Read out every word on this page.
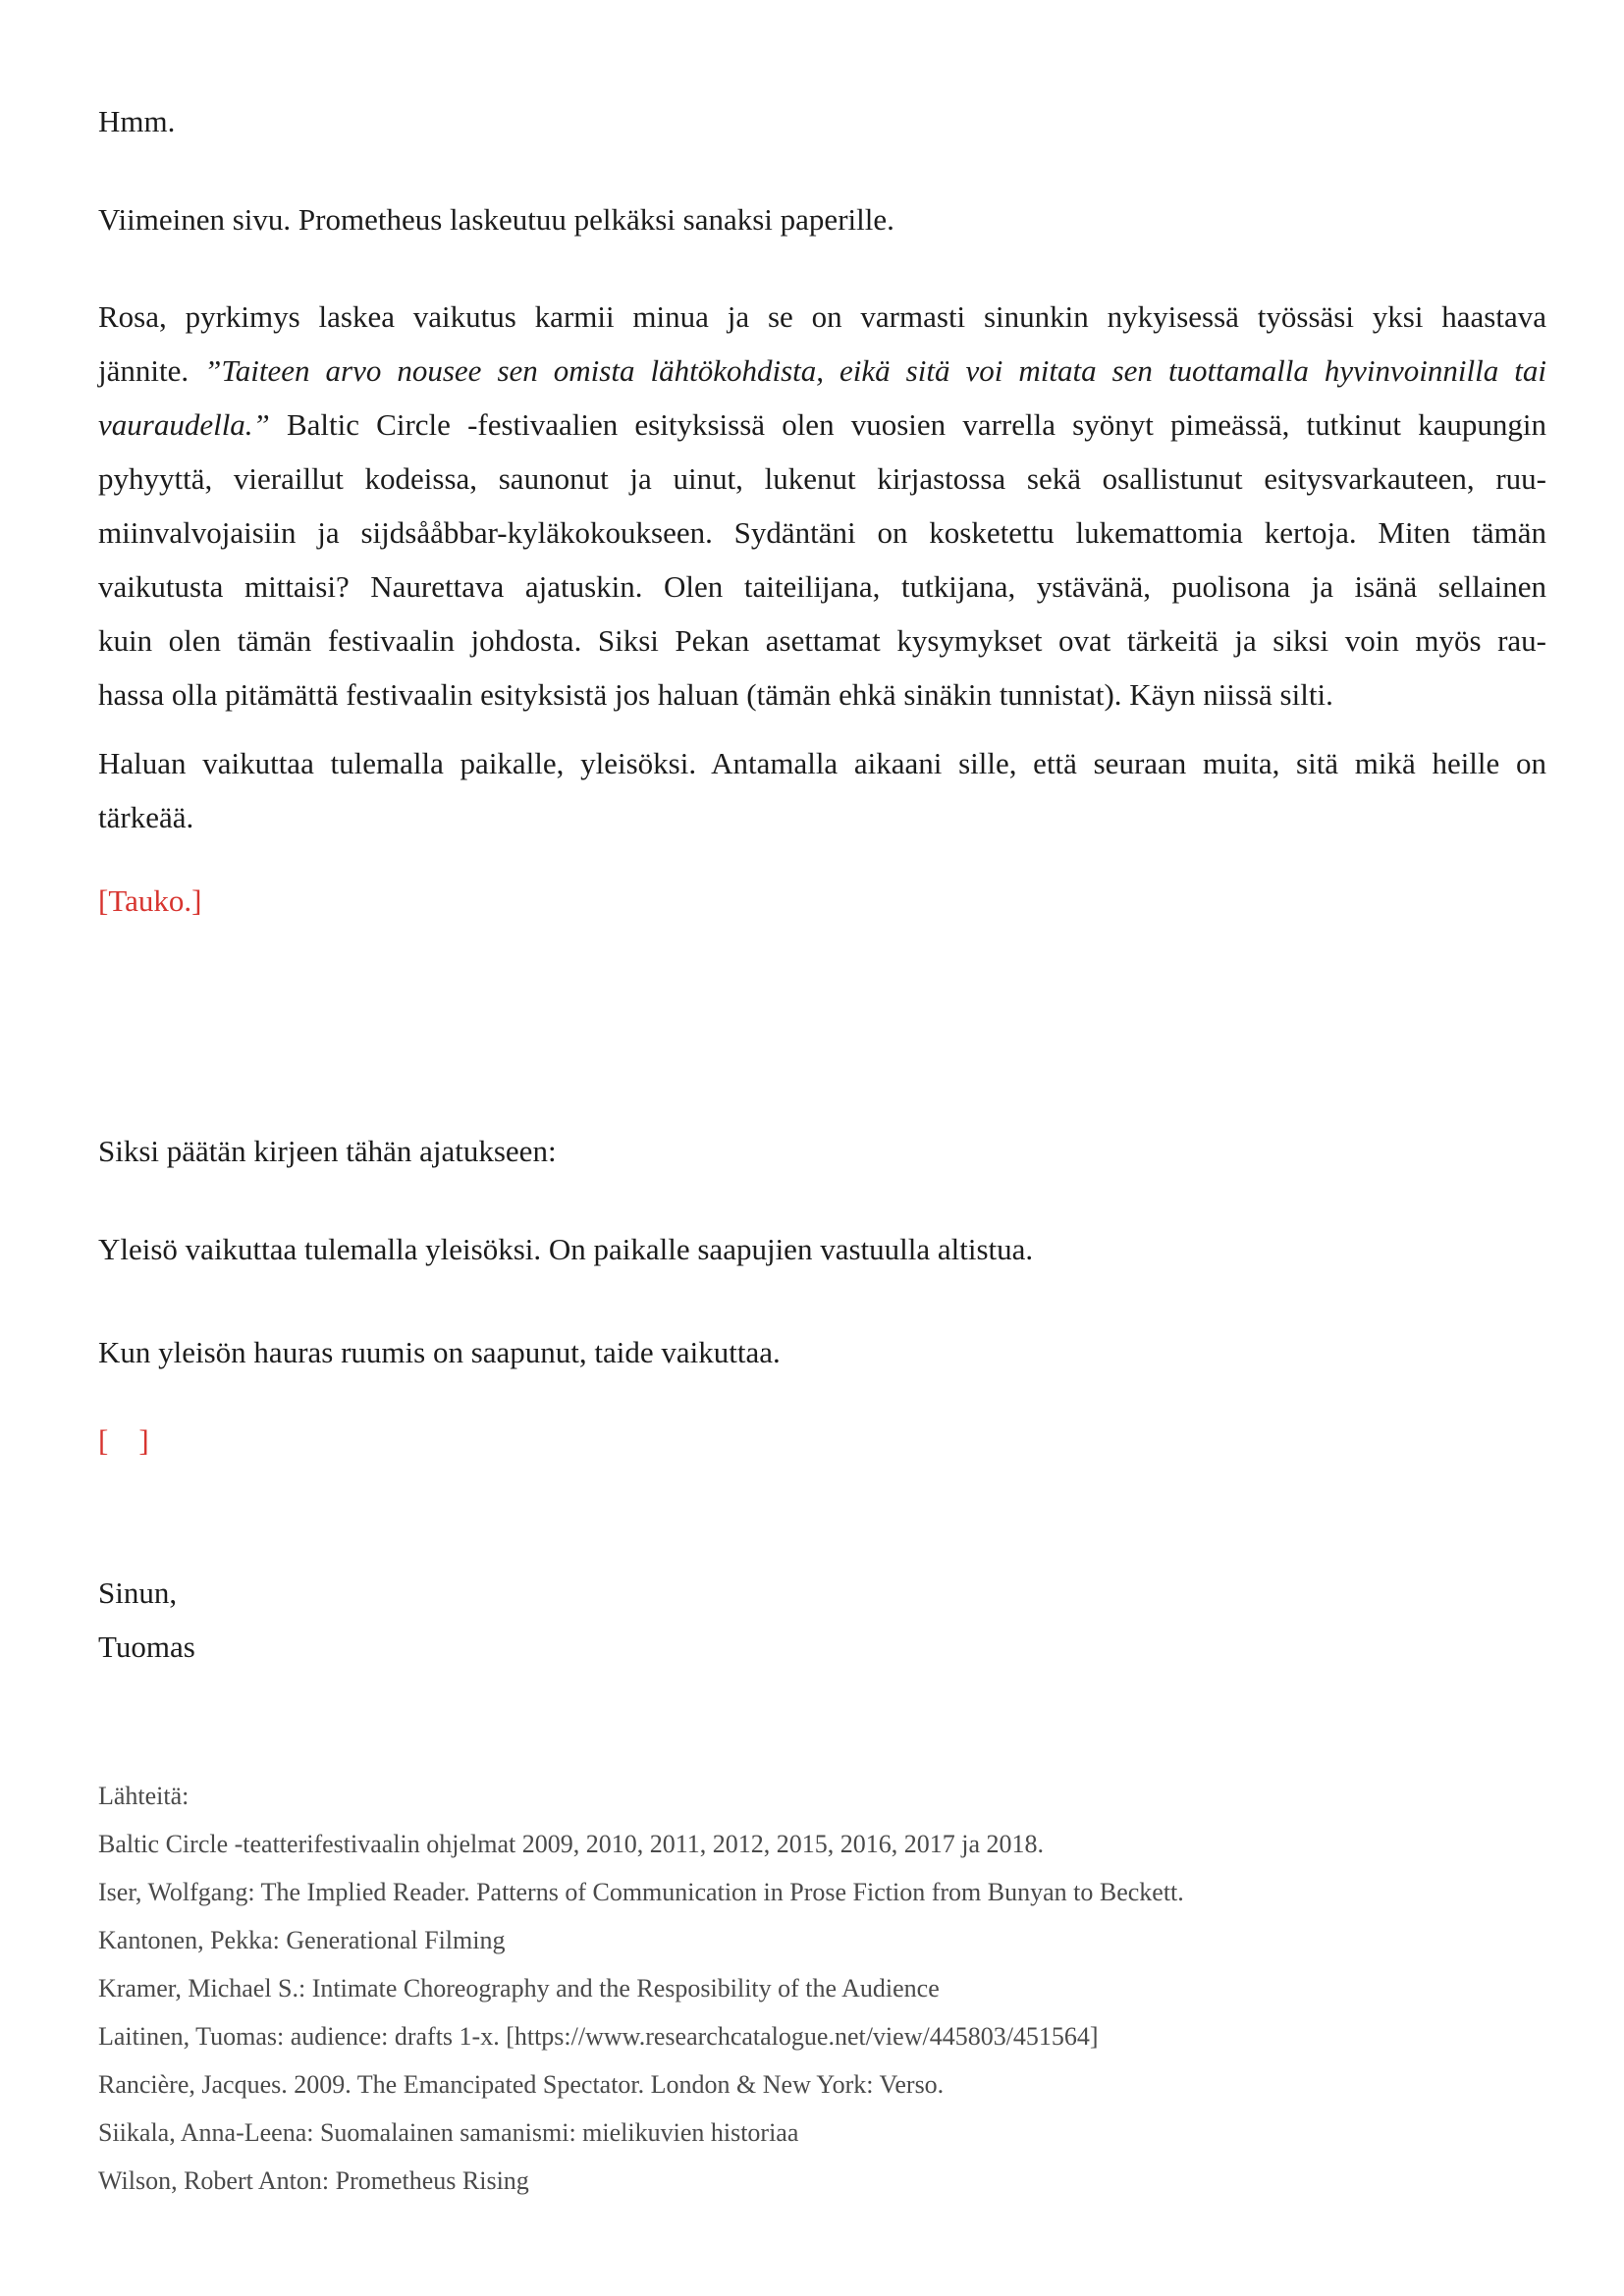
Hmm.

Viimeinen sivu. Prometheus laskeutuu pelkäksi sanaksi paperille.

Rosa, pyrkimys laskea vaikutus karmii minua ja se on varmasti sinunkin nykyisessä työssäsi yksi haastava
jännite. ”Taiteen arvo nousee sen omista lähtökohdista, eikä sitä voi mitata sen tuottamalla hyvinvoinnilla tai
vauraudella.” Baltic Circle -festivaalien esityksissä olen vuosien varrella syönyt pimeässä, tutkinut kaupungin
pyhyyttä, vieraillut kodeissa, saunonut ja uinut, lukenut kirjastossa sekä osallistunut esitysvarkauteen, ruu-
miinvalvojaisiin ja sijdsååbbar-kyläkokoukseen. Sydäntäni on kosketettu lukemattomia kertoja. Miten tämän
vaikutusta mittaisi? Naurettava ajatuskin. Olen taiteilijana, tutkijana, ystävänä, puolisona ja isänä sellainen
kuin olen tämän festivaalin johdosta. Siksi Pekan asettamat kysymykset ovat tärkeitä ja siksi voin myös rau-
hassa olla pitämättä festivaalin esityksistä jos haluan (tämän ehkä sinäkin tunnistat). Käyn niissä silti.
Haluan vaikuttaa tulemalla paikalle, yleisöksi. Antamalla aikaani sille, että seuraan muita, sitä mikä heille on
tärkeää.

[Tauko.]

Siksi päätän kirjeen tähän ajatukseen:

Yleisö vaikuttaa tulemalla yleisöksi. On paikalle saapujien vastuulla altistua.

Kun yleisön hauras ruumis on saapunut, taide vaikuttaa.

[    ]

Sinun,
Tuomas
Lähteitä:
Baltic Circle -teatterifestivaalin ohjelmat 2009, 2010, 2011, 2012, 2015, 2016, 2017 ja 2018.
Iser, Wolfgang: The Implied Reader. Patterns of Communication in Prose Fiction from Bunyan to Beckett.
Kantonen, Pekka: Generational Filming
Kramer, Michael S.: Intimate Choreography and the Resposibility of the Audience
Laitinen, Tuomas: audience: drafts 1-x. [https://www.researchcatalogue.net/view/445803/451564]
Rancière, Jacques. 2009. The Emancipated Spectator. London & New York: Verso.
Siikala, Anna-Leena: Suomalainen samanismi: mielikuvien historiaa
Wilson, Robert Anton: Prometheus Rising
